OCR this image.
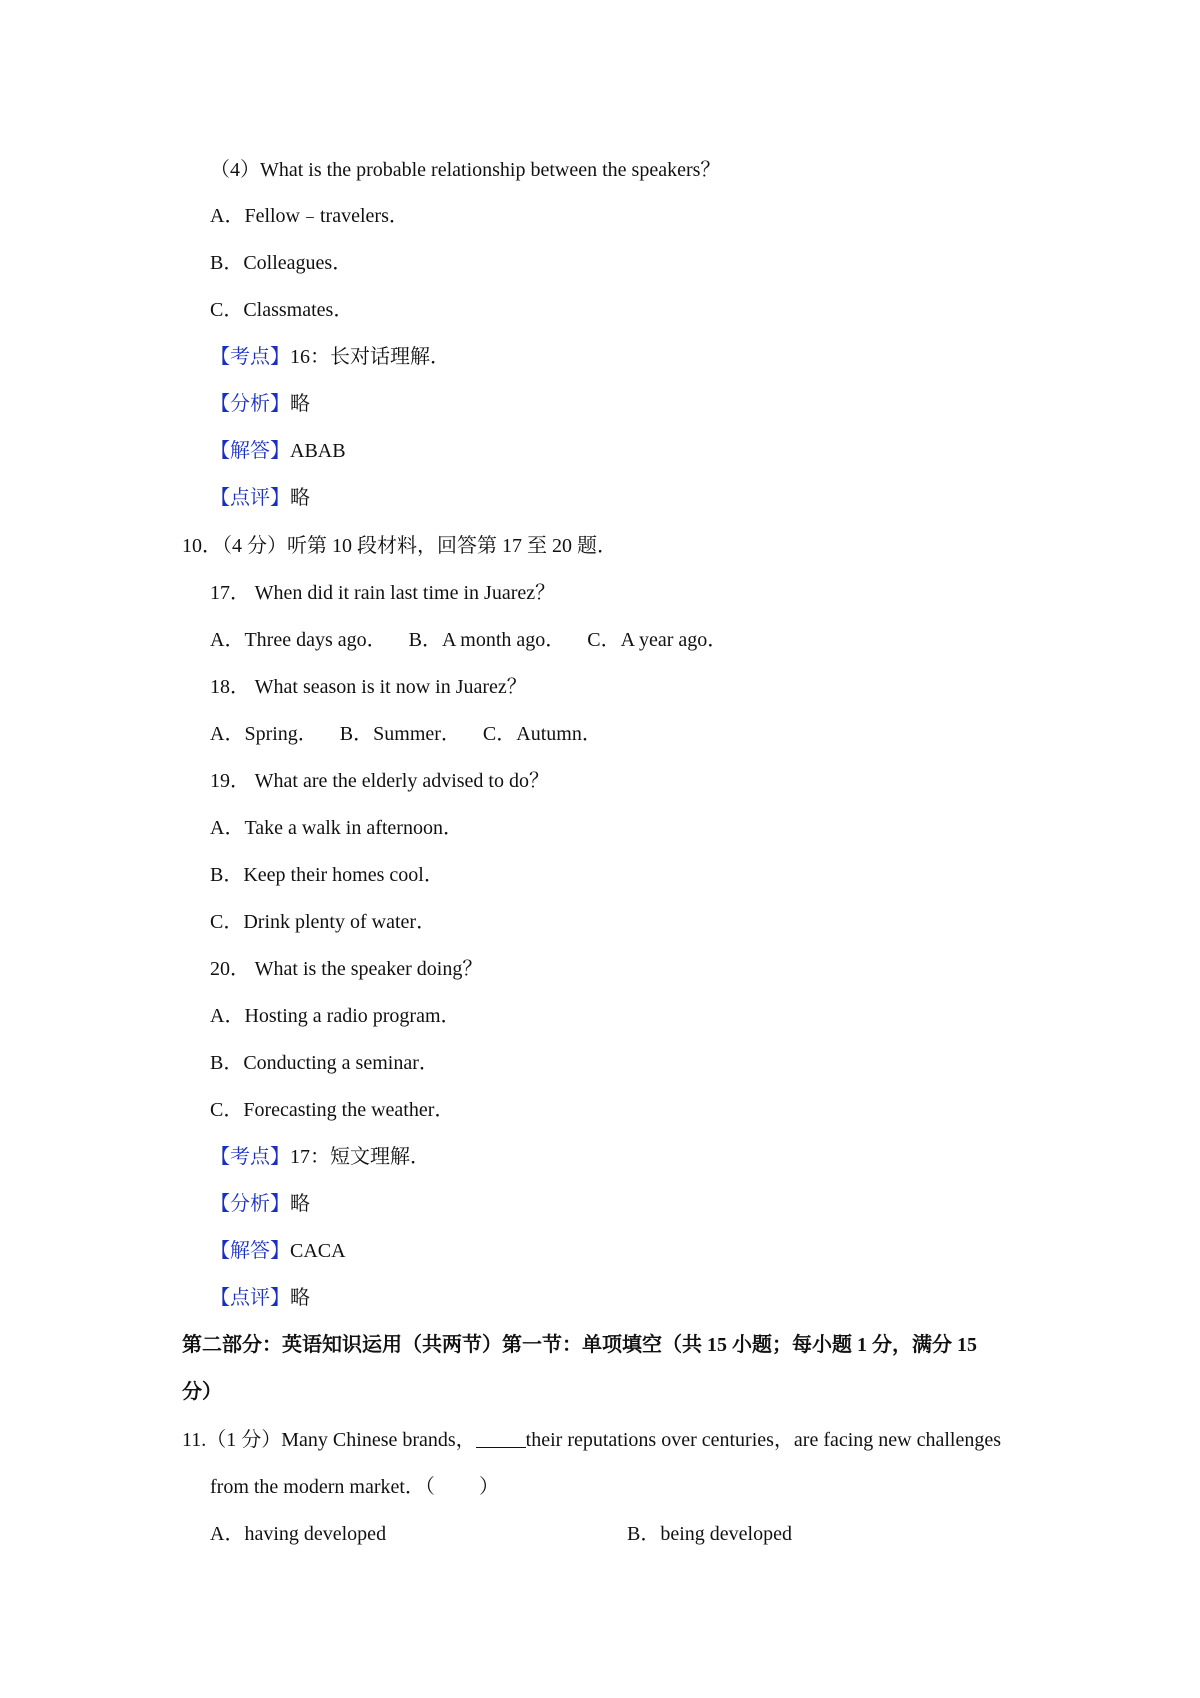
（4）What is the probable relationship between the speakers？
A．Fellow﹣travelers．
B．Colleagues．
C．Classmates．
【考点】16：长对话理解．
【分析】略
【解答】ABAB
【点评】略
10．（4 分）听第 10 段材料，回答第 17 至 20 题．
17． When did it rain last time in Juarez？
A．Three days ago． B．A month ago． C．A year ago．
18． What season is it now in Juarez？
A．Spring． B．Summer． C．Autumn．
19． What are the elderly advised to do？
A．Take a walk in afternoon．
B．Keep their homes cool．
C．Drink plenty of water．
20． What is the speaker doing？
A．Hosting a radio program．
B．Conducting a seminar．
C．Forecasting the weather．
【考点】17：短文理解．
【分析】略
【解答】CACA
【点评】略
第二部分：英语知识运用（共两节）第一节：单项填空（共 15 小题；每小题 1 分，满分 15
分）
11.（1 分）Many Chinese brands，	their reputations over centuries，are facing new challenges
from the modern market．（ ）
A．having developed	B．being developed
